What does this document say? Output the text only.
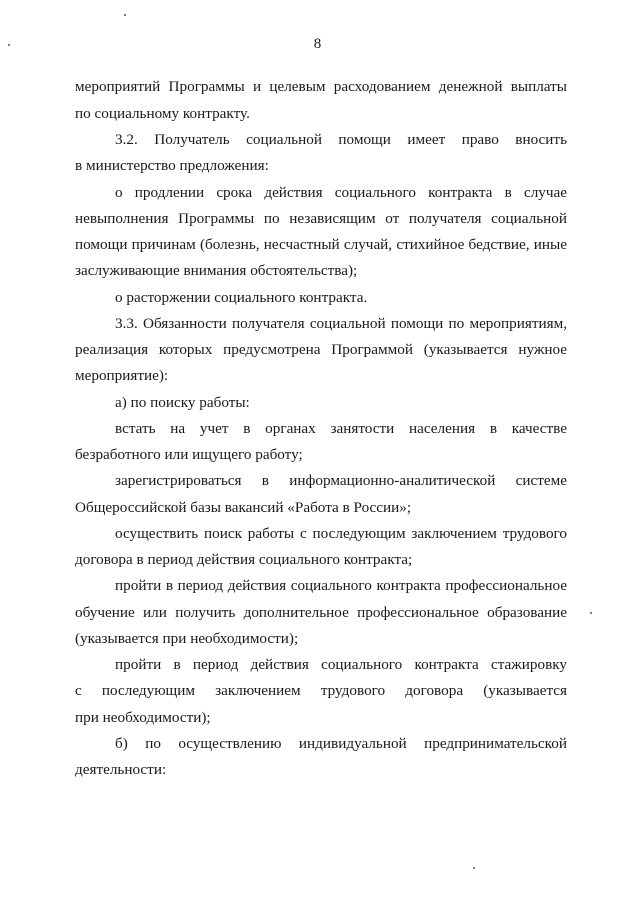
8
мероприятий Программы и целевым расходованием денежной выплаты
по социальному контракту.
3.2. Получатель социальной помощи имеет право вносить
в министерство предложения:
о продлении срока действия социального контракта в случае
невыполнения Программы по независящим от получателя социальной
помощи причинам (болезнь, несчастный случай, стихийное бедствие, иные
заслуживающие внимания обстоятельства);
о расторжении социального контракта.
3.3. Обязанности получателя социальной помощи по мероприятиям,
реализация которых предусмотрена Программой (указывается нужное
мероприятие):
а) по поиску работы:
встать на учет в органах занятости населения в качестве
безработного или ищущего работу;
зарегистрироваться в информационно-аналитической системе
Общероссийской базы вакансий «Работа в России»;
осуществить поиск работы с последующим заключением трудового
договора в период действия социального контракта;
пройти в период действия социального контракта профессиональное
обучение или получить дополнительное профессиональное образование
(указывается при необходимости);
пройти в период действия социального контракта стажировку
с последующим заключением трудового договора (указывается
при необходимости);
б) по осуществлению индивидуальной предпринимательской
деятельности:
